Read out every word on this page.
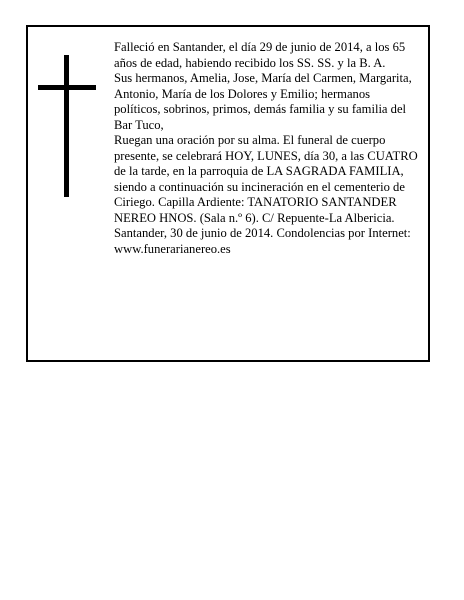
Falleció en Santander, el día 29 de junio de 2014, a los 65 años de edad, habiendo recibido los SS. SS. y la B. A.

Sus hermanos, Amelia, Jose, María del Carmen, Margarita, Antonio, María de los Dolores y Emilio; hermanos políticos, sobrinos, primos, demás familia y su familia del Bar Tuco,

Ruegan una oración por su alma. El funeral de cuerpo presente, se celebrará HOY, LUNES, día 30, a las CUATRO de la tarde, en la parroquia de LA SAGRADA FAMILIA, siendo a continuación su incineración en el cementerio de Ciriego. Capilla Ardiente: TANATORIO SANTANDER NEREO HNOS. (Sala n.º 6). C/ Repuente-La Albericia.

Santander, 30 de junio de 2014. Condolencias por Internet: www.funerarianereo.es
